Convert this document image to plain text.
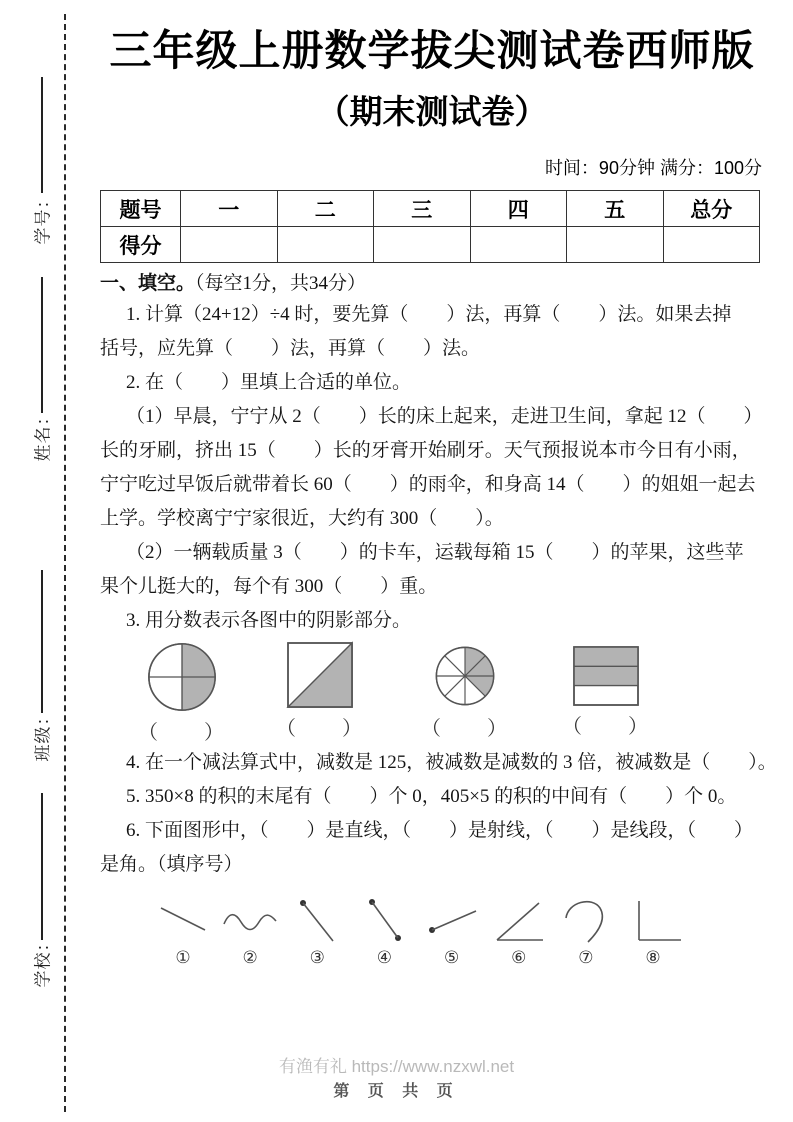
学号：
姓名：
班级：
学校：
三年级上册数学拔尖测试卷西师版
（期末测试卷）
时间：90分钟 满分：100分
题号	一	二	三	四	五	总分
得分						
一、填空。（每空1分，共34分）
1. 计算（24+12）÷4 时，要先算（　　）法，再算（　　）法。如果去掉
括号，应先算（　　）法，再算（　　）法。
2. 在（　　）里填上合适的单位。
（1）早晨，宁宁从 2（　　）长的床上起来，走进卫生间，拿起 12（　　）
长的牙刷，挤出 15（　　）长的牙膏开始刷牙。天气预报说本市今日有小雨，
宁宁吃过早饭后就带着长 60（　　）的雨伞，和身高 14（　　）的姐姐一起去
上学。学校离宁宁家很近，大约有 300（　　）。
（2）一辆载质量 3（　　）的卡车，运载每箱 15（　　）的苹果，这些苹
果个儿挺大的，每个有 300（　　）重。
3. 用分数表示各图中的阴影部分。
（　　）	（　　）	（　　）	（　　）
4. 在一个减法算式中，减数是 125，被减数是减数的 3 倍，被减数是（　　）。
5. 350×8 的积的末尾有（　　）个 0，405×5 的积的中间有（　　）个 0。
6. 下面图形中，（　　）是直线，（　　）是射线，（　　）是线段，（　　）
是角。（填序号）
①	②	③	④	⑤	⑥	⑦	⑧
有渔有礼 https://www.nzxwl.net
第 页 共 页
